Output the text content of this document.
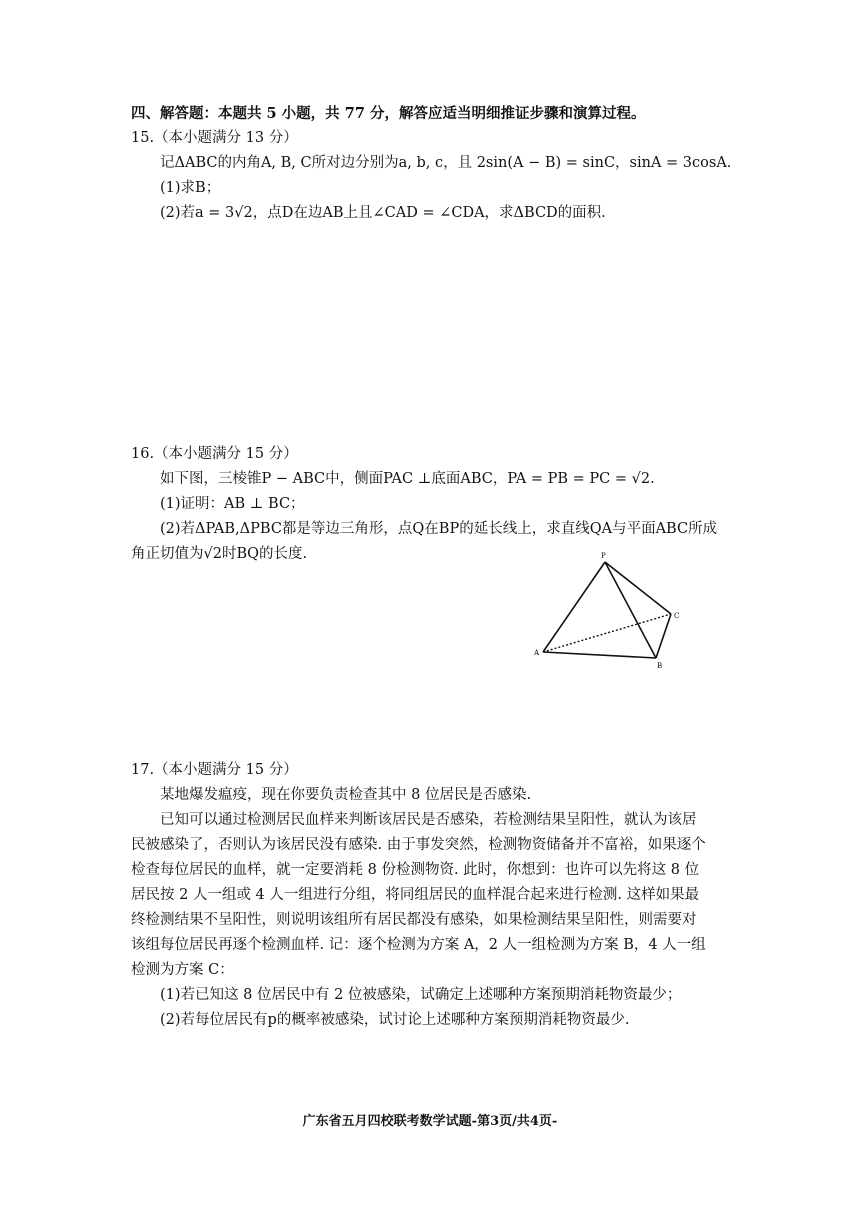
四、解答题：本题共 5 小题，共 77 分，解答应适当明细推证步骤和演算过程。
15.（本小题满分 13 分）
记ΔABC的内角A, B, C所对边分别为a, b, c，且 2sin(A − B) = sinC，sinA = 3cosA.
(1)求B；
(2)若a = 3√2，点D在边AB上且∠CAD = ∠CDA，求ΔBCD的面积.
16.（本小题满分 15 分）
如下图，三棱锥P − ABC中，侧面PAC ⊥底面ABC，PA = PB = PC = √2.
(1)证明：AB ⊥ BC；
(2)若ΔPAB,ΔPBC都是等边三角形，点Q在BP的延长线上，求直线QA与平面ABC所成
角正切值为√2时BQ的长度.	P
A
B
C
17.（本小题满分 15 分）
某地爆发瘟疫，现在你要负责检查其中 8 位居民是否感染.
已知可以通过检测居民血样来判断该居民是否感染，若检测结果呈阳性，就认为该居
民被感染了，否则认为该居民没有感染. 由于事发突然，检测物资储备并不富裕，如果逐个
检查每位居民的血样，就一定要消耗 8 份检测物资. 此时，你想到：也许可以先将这 8 位
居民按 2 人一组或 4 人一组进行分组，将同组居民的血样混合起来进行检测. 这样如果最
终检测结果不呈阳性，则说明该组所有居民都没有感染，如果检测结果呈阳性，则需要对
该组每位居民再逐个检测血样. 记：逐个检测为方案 A，2 人一组检测为方案 B，4 人一组
检测为方案 C：
(1)若已知这 8 位居民中有 2 位被感染，试确定上述哪种方案预期消耗物资最少；
(2)若每位居民有p的概率被感染，试讨论上述哪种方案预期消耗物资最少.
广东省五月四校联考数学试题-第3页/共4页-
